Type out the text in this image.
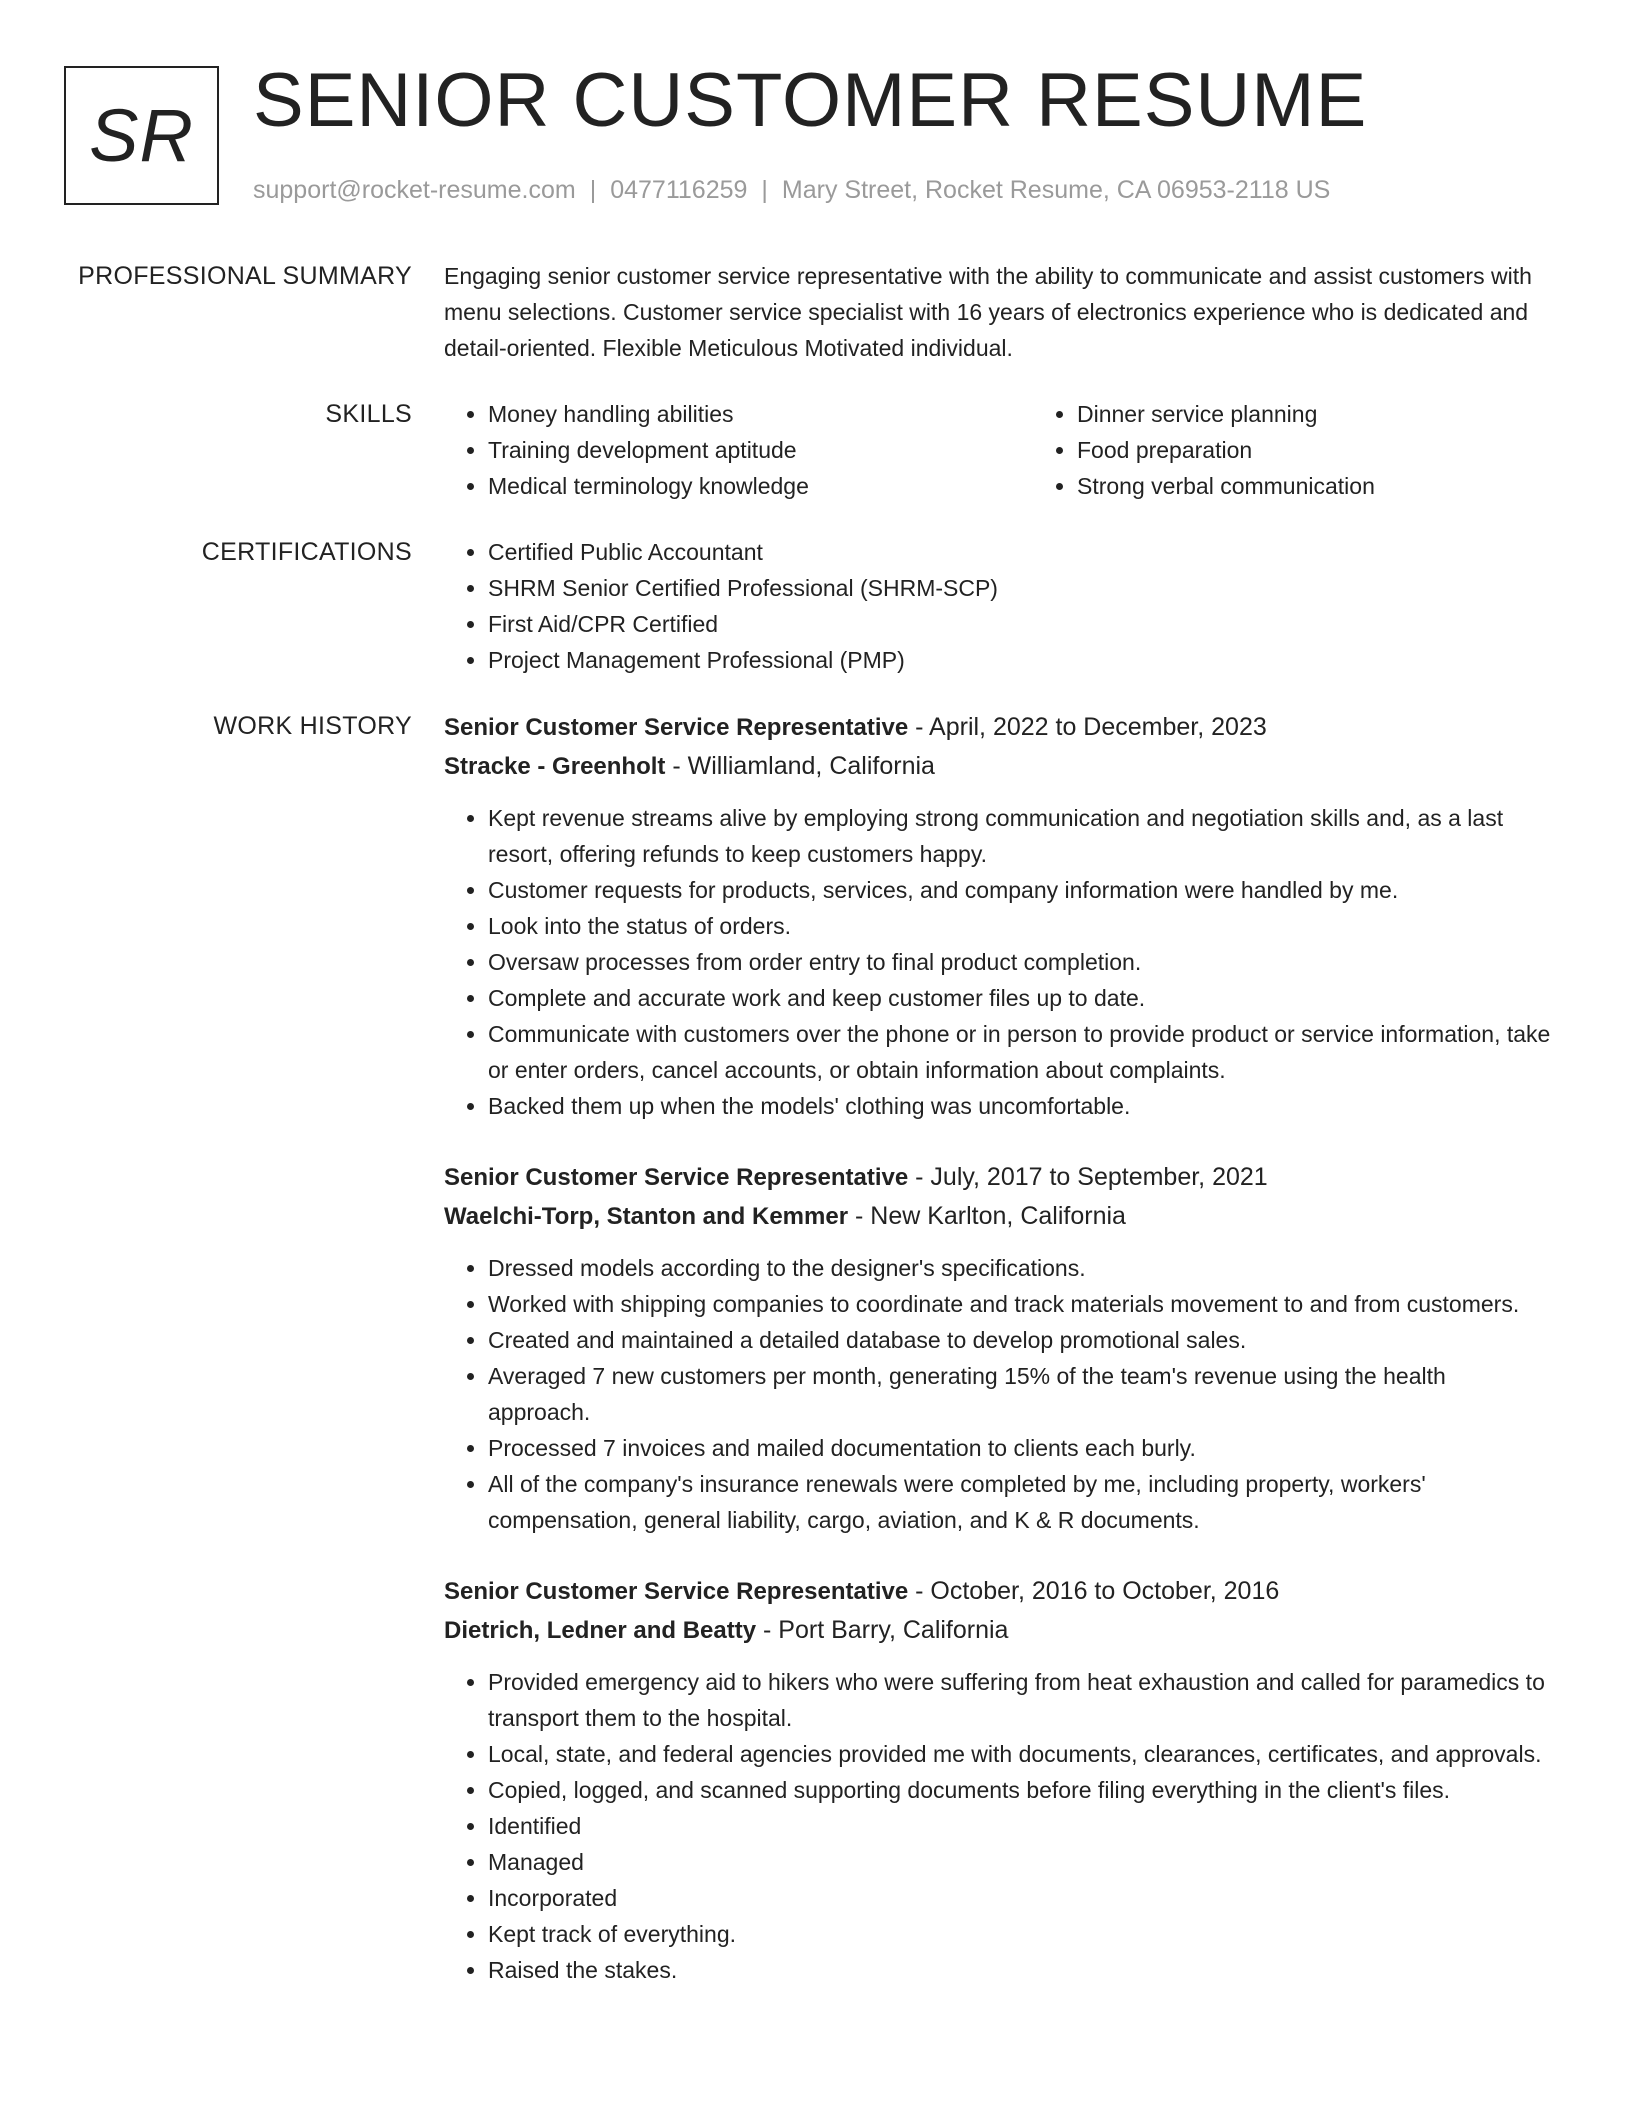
SR SENIOR CUSTOMER RESUME
support@rocket-resume.com | 0477116259 | Mary Street, Rocket Resume, CA 06953-2118 US
PROFESSIONAL SUMMARY Engaging senior customer service representative with the ability to communicate and assist customers with menu selections. Customer service specialist with 16 years of electronics experience who is dedicated and detail-oriented. Flexible Meticulous Motivated individual.

SKILLS	• Money handling abilities
• Training development aptitude
• Medical terminology knowledge
• Dinner service planning
• Food preparation
• Strong verbal communication
CERTIFICATIONS	• Certified Public Accountant
• SHRM Senior Certified Professional (SHRM-SCP)
• First Aid/CPR Certified
• Project Management Professional (PMP)
WORK HISTORY Senior Customer Service Representative - April, 2022 to December, 2023
Stracke - Greenholt - Williamland, California
• Kept revenue streams alive by employing strong communication and negotiation skills and, as a last resort, offering refunds to keep customers happy.
• Customer requests for products, services, and company information were handled by me.
• Look into the status of orders.
• Oversaw processes from order entry to final product completion.
• Complete and accurate work and keep customer files up to date.
• Communicate with customers over the phone or in person to provide product or service information, take or enter orders, cancel accounts, or obtain information about complaints.
• Backed them up when the models' clothing was uncomfortable.
Senior Customer Service Representative - July, 2017 to September, 2021
Waelchi-Torp, Stanton and Kemmer - New Karlton, California
• Dressed models according to the designer's specifications.
• Worked with shipping companies to coordinate and track materials movement to and from customers.
• Created and maintained a detailed database to develop promotional sales.
• Averaged 7 new customers per month, generating 15% of the team's revenue using the health approach.
• Processed 7 invoices and mailed documentation to clients each burly.
• All of the company's insurance renewals were completed by me, including property, workers' compensation, general liability, cargo, aviation, and K & R documents.
Senior Customer Service Representative - October, 2016 to October, 2016
Dietrich, Ledner and Beatty - Port Barry, California
• Provided emergency aid to hikers who were suffering from heat exhaustion and called for paramedics to transport them to the hospital.
• Local, state, and federal agencies provided me with documents, clearances, certificates, and approvals.
• Copied, logged, and scanned supporting documents before filing everything in the client's files.
• Identified
• Managed
• Incorporated
• Kept track of everything.
• Raised the stakes.
